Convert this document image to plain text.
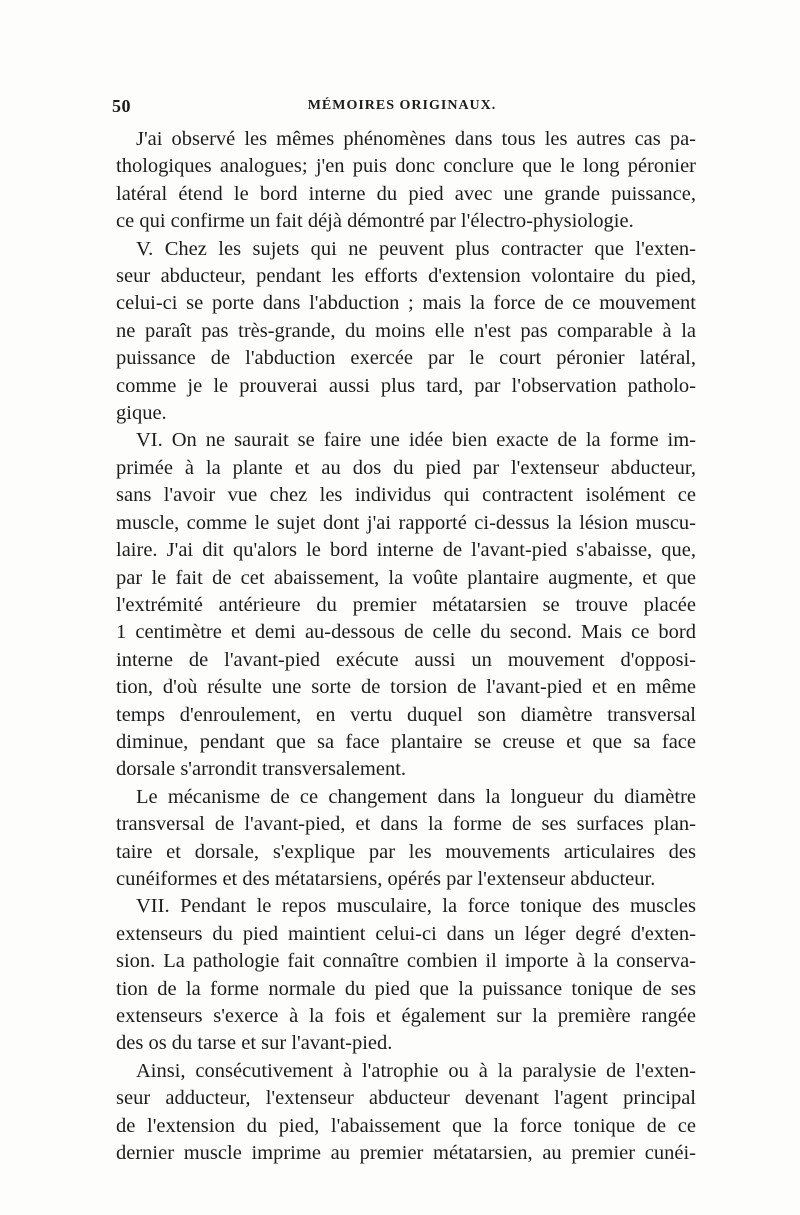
50	MÉMOIRES ORIGINAUX.
J'ai observé les mêmes phénomènes dans tous les autres cas pa-
thologiques analogues; j'en puis donc conclure que le long péronier
latéral étend le bord interne du pied avec une grande puissance,
ce qui confirme un fait déjà démontré par l'électro-physiologie.
V. Chez les sujets qui ne peuvent plus contracter que l'exten-
seur abducteur, pendant les efforts d'extension volontaire du pied,
celui-ci se porte dans l'abduction ; mais la force de ce mouvement
ne paraît pas très-grande, du moins elle n'est pas comparable à la
puissance de l'abduction exercée par le court péronier latéral,
comme je le prouverai aussi plus tard, par l'observation patholo-
gique.
VI. On ne saurait se faire une idée bien exacte de la forme im-
primée à la plante et au dos du pied par l'extenseur abducteur,
sans l'avoir vue chez les individus qui contractent isolément ce
muscle, comme le sujet dont j'ai rapporté ci-dessus la lésion muscu-
laire. J'ai dit qu'alors le bord interne de l'avant-pied s'abaisse, que,
par le fait de cet abaissement, la voûte plantaire augmente, et que
l'extrémité antérieure du premier métatarsien se trouve placée
1 centimètre et demi au-dessous de celle du second. Mais ce bord
interne de l'avant-pied exécute aussi un mouvement d'opposi-
tion, d'où résulte une sorte de torsion de l'avant-pied et en même
temps d'enroulement, en vertu duquel son diamètre transversal
diminue, pendant que sa face plantaire se creuse et que sa face
dorsale s'arrondit transversalement.
Le mécanisme de ce changement dans la longueur du diamètre
transversal de l'avant-pied, et dans la forme de ses surfaces plan-
taire et dorsale, s'explique par les mouvements articulaires des
cunéiformes et des métatarsiens, opérés par l'extenseur abducteur.
VII. Pendant le repos musculaire, la force tonique des muscles
extenseurs du pied maintient celui-ci dans un léger degré d'exten-
sion. La pathologie fait connaître combien il importe à la conserva-
tion de la forme normale du pied que la puissance tonique de ses
extenseurs s'exerce à la fois et également sur la première rangée
des os du tarse et sur l'avant-pied.
Ainsi, consécutivement à l'atrophie ou à la paralysie de l'exten-
seur adducteur, l'extenseur abducteur devenant l'agent principal
de l'extension du pied, l'abaissement que la force tonique de ce
dernier muscle imprime au premier métatarsien, au premier cunéi-
